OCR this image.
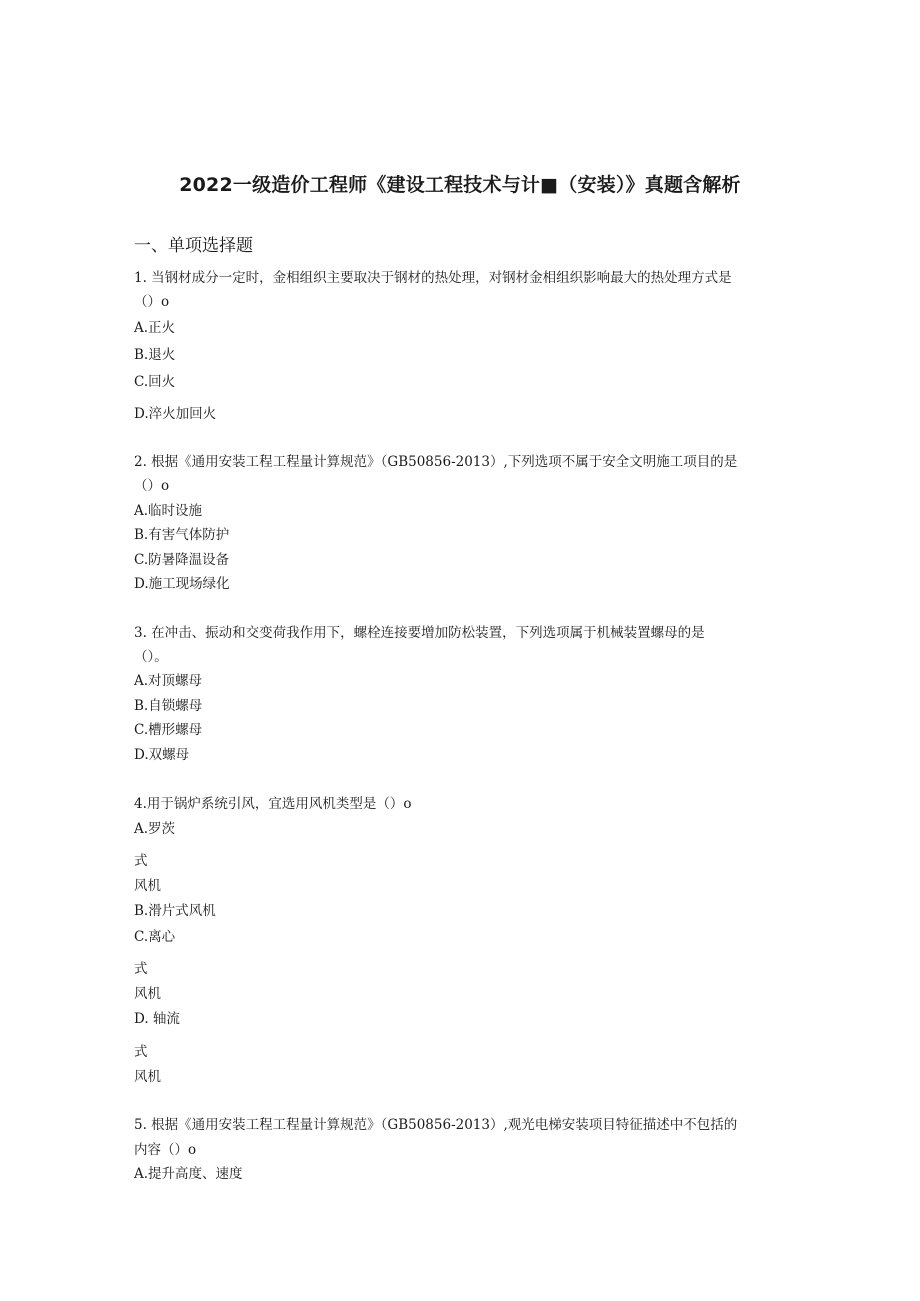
2022一级造价工程师《建设工程技术与计■（安装）》真题含解析
一、单项选择题
1. 当钢材成分一定时，金相组织主要取决于钢材的热处理，对钢材金相组织影响最大的热处理方式是
（）o
A.正火
B.退火
C.回火
D.淬火加回火
2. 根据《通用安装工程工程量计算规范》（GB50856-2013）,下列选项不属于安全文明施工项目的是
（）o
A.临时设施
B.有害气体防护
C.防暑降温设备
D.施工现场绿化
3. 在冲击、振动和交变荷我作用下，螺栓连接要增加防松装置，下列选项属于机械装置螺母的是
（）。
A.对顶螺母
B.自锁螺母
C.槽形螺母
D.双螺母
4.用于锅炉系统引风，宜选用风机类型是（）o
A.罗茨
式
风机
B.滑片式风机
C.离心
式
风机
D. 轴流
式
风机
5. 根据《通用安装工程工程量计算规范》（GB50856-2013）,观光电梯安装项目特征描述中不包括的
内容（）o
A.提升高度、速度
